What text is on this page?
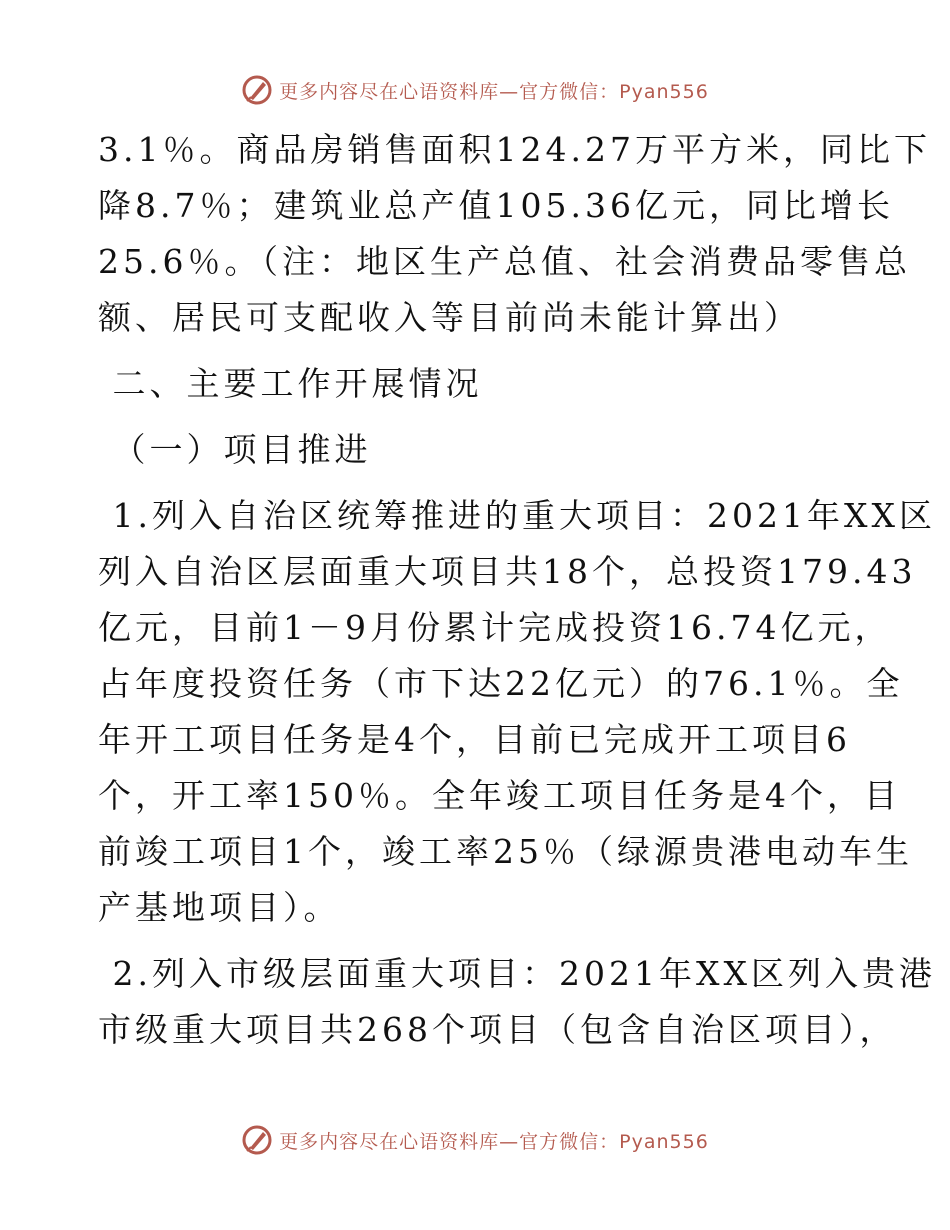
更多内容尽在心语资料库—官方微信：Pyan556
3.1％。商品房销售面积124.27万平方米，同比下
降8.7％；建筑业总产值105.36亿元，同比增长
25.6％。（注：地区生产总值、社会消费品零售总
额、居民可支配收入等目前尚未能计算出）
二、主要工作开展情况
（一）项目推进
1.列入自治区统筹推进的重大项目：2021年XX区
列入自治区层面重大项目共18个，总投资179.43
亿元，目前1－9月份累计完成投资16.74亿元，
占年度投资任务（市下达22亿元）的76.1％。全
年开工项目任务是4个，目前已完成开工项目6
个，开工率150％。全年竣工项目任务是4个，目
前竣工项目1个，竣工率25％（绿源贵港电动车生
产基地项目）。
2.列入市级层面重大项目：2021年XX区列入贵港
市级重大项目共268个项目（包含自治区项目），
更多内容尽在心语资料库—官方微信：Pyan556
